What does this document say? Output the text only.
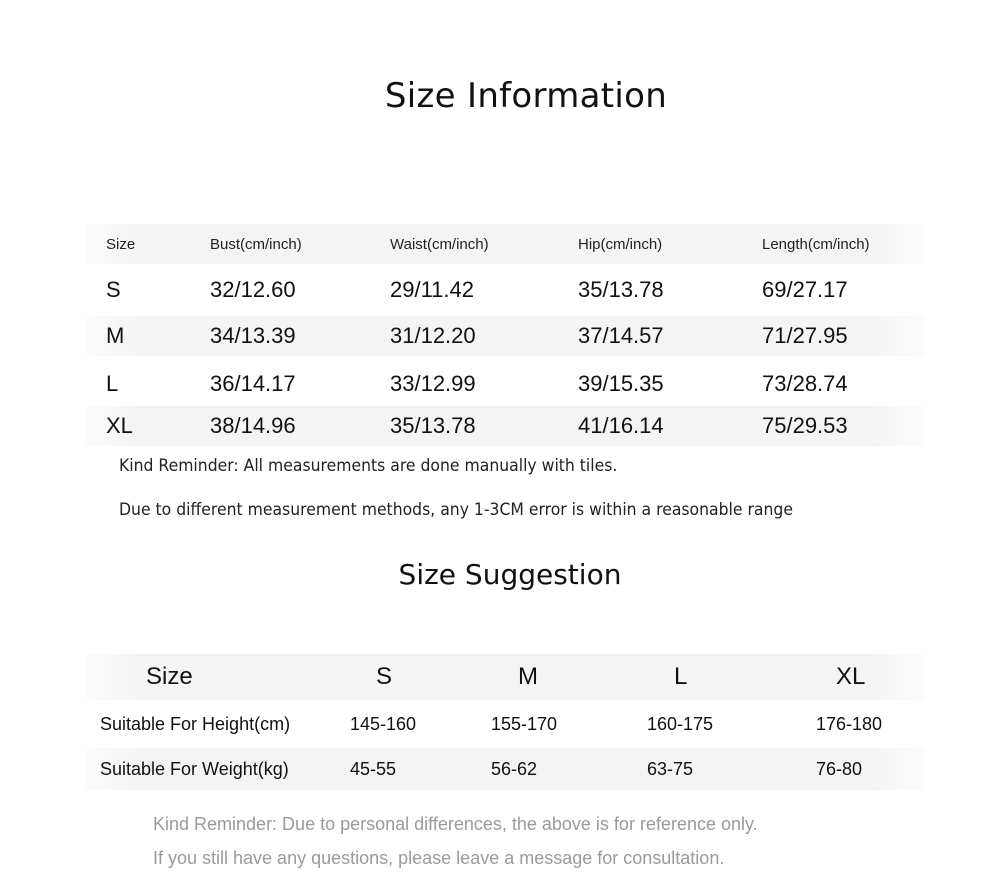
Size Information
Size	Bust(cm/inch)	Waist(cm/inch)	Hip(cm/inch)	Length(cm/inch)
S	32/12.60	29/11.42	35/13.78	69/27.17
M	34/13.39	31/12.20	37/14.57	71/27.95
L	36/14.17	33/12.99	39/15.35	73/28.74
XL	38/14.96	35/13.78	41/16.14	75/29.53
Kind Reminder: All measurements are done manually with tiles.
Due to different measurement methods, any 1-3CM error is within a reasonable range
Size Suggestion
Size	S	M	L	XL
Suitable For Height(cm)	145-160	155-170	160-175	176-180
Suitable For Weight(kg)	45-55	56-62	63-75	76-80
Kind Reminder: Due to personal differences, the above is for reference only.
If you still have any questions, please leave a message for consultation.
